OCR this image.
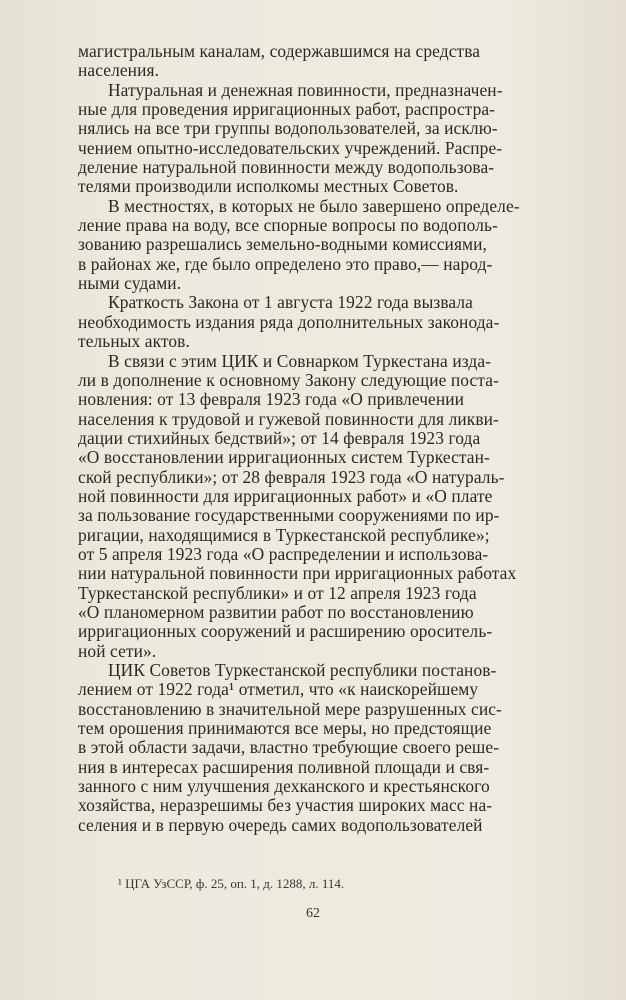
магистральным каналам, содержавшимся на средства
населения.

Натуральная и денежная повинности, предназначен-
ные для проведения ирригационных работ, распростра-
нялись на все три группы водопользователей, за исклю-
чением опытно-исследовательских учреждений. Распре-
деление натуральной повинности между водопользова-
телями производили исполкомы местных Советов.

В местностях, в которых не было завершено определе-
ление права на воду, все спорные вопросы по водополь-
зованию разрешались земельно-водными комиссиями,
в районах же, где было определено это право,— народ-
ными судами.

Краткость Закона от 1 августа 1922 года вызвала
необходимость издания ряда дополнительных законода-
тельных актов.

В связи с этим ЦИК и Совнарком Туркестана изда-
ли в дополнение к основному Закону следующие поста-
новления: от 13 февраля 1923 года «О привлечении
населения к трудовой и гужевой повинности для ликви-
дации стихийных бедствий»; от 14 февраля 1923 года
«О восстановлении ирригационных систем Туркестан-
ской республики»; от 28 февраля 1923 года «О натураль-
ной повинности для ирригационных работ» и «О плате
за пользование государственными сооружениями по ир-
ригации, находящимися в Туркестанской республике»;
от 5 апреля 1923 года «О распределении и использова-
нии натуральной повинности при ирригационных работах
Туркестанской республики» и от 12 апреля 1923 года
«О планомерном развитии работ по восстановлению
ирригационных сооружений и расширению ороситель-
ной сети».

ЦИК Советов Туркестанской республики постанов-
лением от 1922 года¹ отметил, что «к наискорейшему
восстановлению в значительной мере разрушенных сис-
тем орошения принимаются все меры, но предстоящие
в этой области задачи, властно требующие своего реше-
ния в интересах расширения поливной площади и свя-
занного с ним улучшения дехканского и крестьянского
хозяйства, неразрешимы без участия широких масс на-
селения и в первую очередь самих водопользователей

¹ ЦГА УзССР, ф. 25, оп. 1, д. 1288, л. 114.
62
